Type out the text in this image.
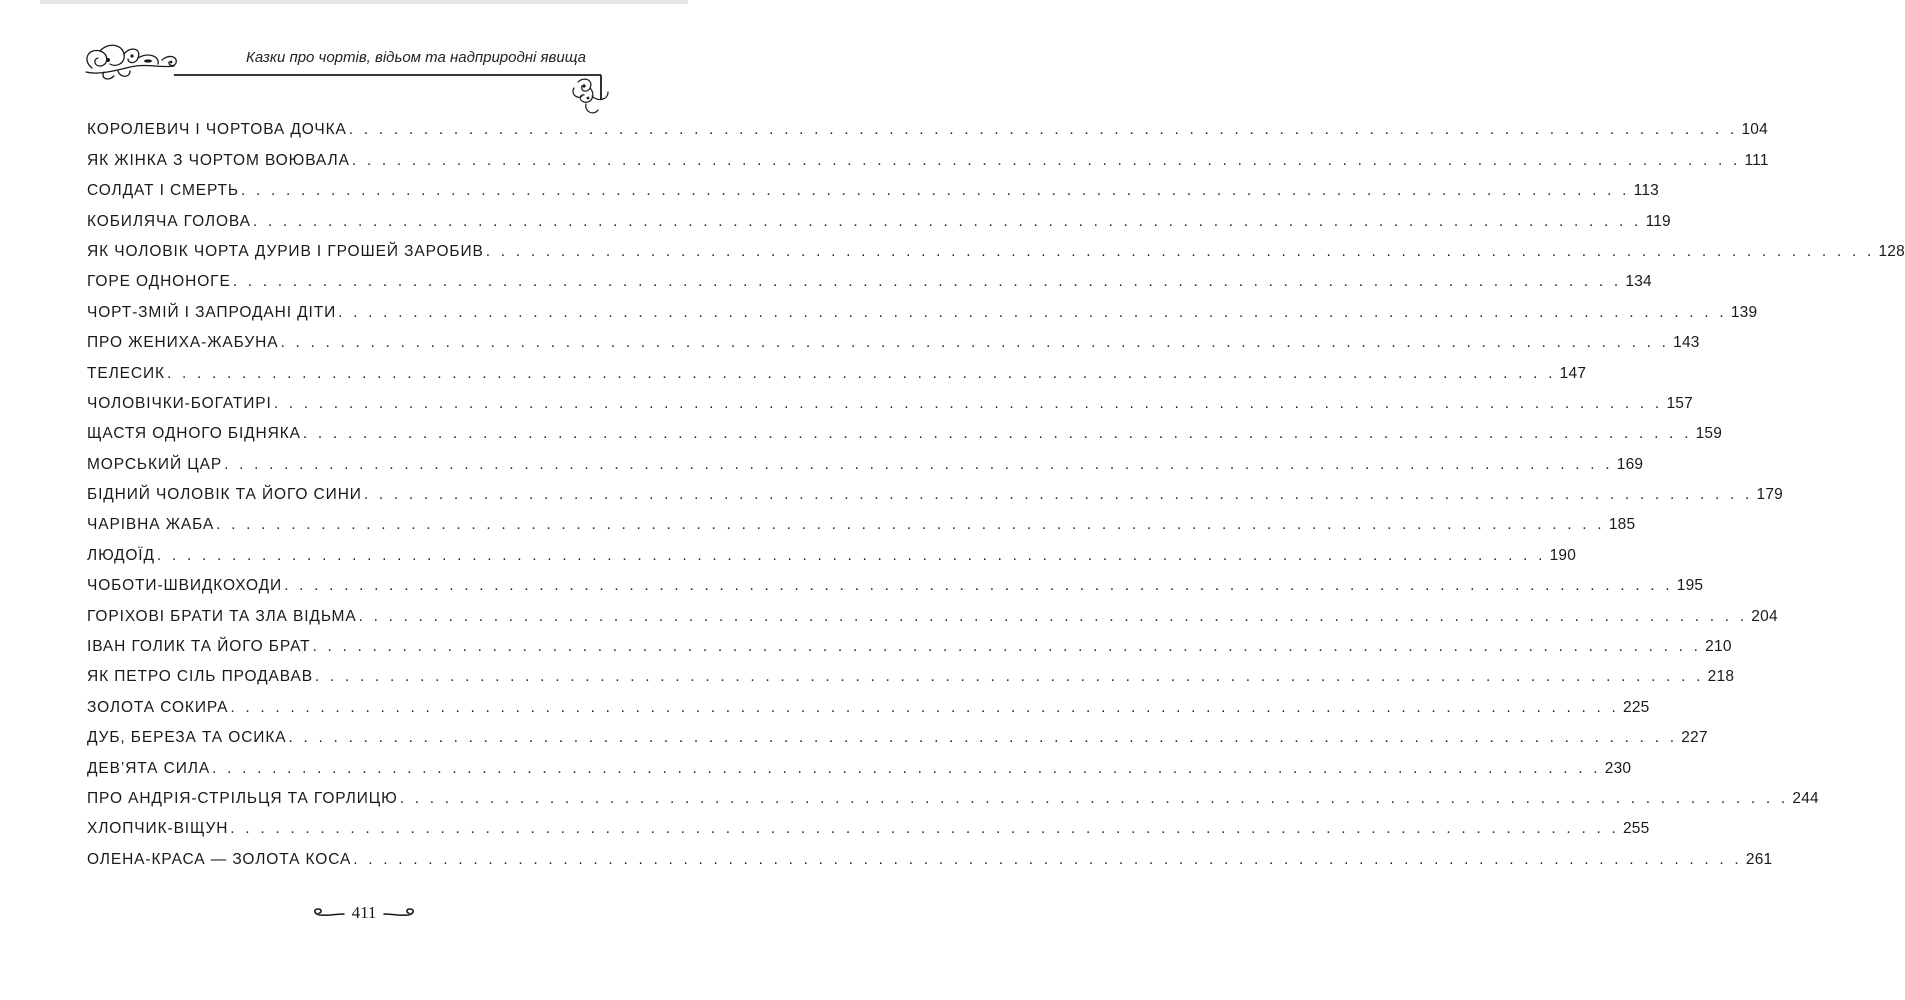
Казки про чортів, відьом та надприродні явища
КОРОЛЕВИЧ І ЧОРТОВА ДОЧКА . . . . . . . . . . . . . . . . . . . . . . . . . . . . . . . . . . . . . . . . . . . . . . . . . . . . . . . . . . . . . . . . . . . . . . . . . . . . . . . . . . . . . . . . . . . . . 104
ЯК ЖІНКА З ЧОРТОМ ВОЮВАЛА . . . . . . . . . . . . . . . . . . . . . . . . . . . . . . . . . . . . . . . . . . . . . . . . . . . . . . . . . . . . . . . . . . . . . . . . . . . . . . . . . . . . . . . . . . . . . 111
СОЛДАТ І СМЕРТЬ . . . . . . . . . . . . . . . . . . . . . . . . . . . . . . . . . . . . . . . . . . . . . . . . . . . . . . . . . . . . . . . . . . . . . . . . . . . . . . . . . . . . . . . . . . . . . 113
КОБИЛЯЧА ГОЛОВА . . . . . . . . . . . . . . . . . . . . . . . . . . . . . . . . . . . . . . . . . . . . . . . . . . . . . . . . . . . . . . . . . . . . . . . . . . . . . . . . . . . . . . . . . . . . . 119
ЯК ЧОЛОВІК ЧОРТА ДУРИВ І ГРОШЕЙ ЗАРОБИВ . . . . . . . . . . . . . . . . . . . . . . . . . . . . . . . . . . . . . . . . . . . . . . . . . . . . . . . . . . . . . . . . . . . . . . . . . . . . . . . . . . . . . . . . . . . . . 128
ГОРЕ ОДНОНОГЕ . . . . . . . . . . . . . . . . . . . . . . . . . . . . . . . . . . . . . . . . . . . . . . . . . . . . . . . . . . . . . . . . . . . . . . . . . . . . . . . . . . . . . . . . . . . . . 134
ЧОРТ-ЗМІЙ І ЗАПРОДАНІ ДІТИ . . . . . . . . . . . . . . . . . . . . . . . . . . . . . . . . . . . . . . . . . . . . . . . . . . . . . . . . . . . . . . . . . . . . . . . . . . . . . . . . . . . . . . . . . . . . . 139
ПРО ЖЕНИХА-ЖАБУНА . . . . . . . . . . . . . . . . . . . . . . . . . . . . . . . . . . . . . . . . . . . . . . . . . . . . . . . . . . . . . . . . . . . . . . . . . . . . . . . . . . . . . . . . . . . . . 143
ТЕЛЕСИК . . . . . . . . . . . . . . . . . . . . . . . . . . . . . . . . . . . . . . . . . . . . . . . . . . . . . . . . . . . . . . . . . . . . . . . . . . . . . . . . . . . . . . . . . . . . . 147
ЧОЛОВІЧКИ-БОГАТИРІ . . . . . . . . . . . . . . . . . . . . . . . . . . . . . . . . . . . . . . . . . . . . . . . . . . . . . . . . . . . . . . . . . . . . . . . . . . . . . . . . . . . . . . . . . . . . . 157
ЩАСТЯ ОДНОГО БІДНЯКА . . . . . . . . . . . . . . . . . . . . . . . . . . . . . . . . . . . . . . . . . . . . . . . . . . . . . . . . . . . . . . . . . . . . . . . . . . . . . . . . . . . . . . . . . . . . . 159
МОРСЬКИЙ ЦАР . . . . . . . . . . . . . . . . . . . . . . . . . . . . . . . . . . . . . . . . . . . . . . . . . . . . . . . . . . . . . . . . . . . . . . . . . . . . . . . . . . . . . . . . . . . . . 169
БІДНИЙ ЧОЛОВІК ТА ЙОГО СИНИ . . . . . . . . . . . . . . . . . . . . . . . . . . . . . . . . . . . . . . . . . . . . . . . . . . . . . . . . . . . . . . . . . . . . . . . . . . . . . . . . . . . . . . . . . . . . . 179
ЧАРІВНА ЖАБА . . . . . . . . . . . . . . . . . . . . . . . . . . . . . . . . . . . . . . . . . . . . . . . . . . . . . . . . . . . . . . . . . . . . . . . . . . . . . . . . . . . . . . . . . . . . . 185
ЛЮДОЇД . . . . . . . . . . . . . . . . . . . . . . . . . . . . . . . . . . . . . . . . . . . . . . . . . . . . . . . . . . . . . . . . . . . . . . . . . . . . . . . . . . . . . . . . . . . . . 190
ЧОБОТИ-ШВИДКОХОДИ . . . . . . . . . . . . . . . . . . . . . . . . . . . . . . . . . . . . . . . . . . . . . . . . . . . . . . . . . . . . . . . . . . . . . . . . . . . . . . . . . . . . . . . . . . . . . 195
ГОРІХОВІ БРАТИ ТА ЗЛА ВІДЬМА . . . . . . . . . . . . . . . . . . . . . . . . . . . . . . . . . . . . . . . . . . . . . . . . . . . . . . . . . . . . . . . . . . . . . . . . . . . . . . . . . . . . . . . . . . . . . 204
ІВАН ГОЛИК ТА ЙОГО БРАТ . . . . . . . . . . . . . . . . . . . . . . . . . . . . . . . . . . . . . . . . . . . . . . . . . . . . . . . . . . . . . . . . . . . . . . . . . . . . . . . . . . . . . . . . . . . . . 210
ЯК ПЕТРО СІЛЬ ПРОДАВАВ . . . . . . . . . . . . . . . . . . . . . . . . . . . . . . . . . . . . . . . . . . . . . . . . . . . . . . . . . . . . . . . . . . . . . . . . . . . . . . . . . . . . . . . . . . . . . 218
ЗОЛОТА СОКИРА . . . . . . . . . . . . . . . . . . . . . . . . . . . . . . . . . . . . . . . . . . . . . . . . . . . . . . . . . . . . . . . . . . . . . . . . . . . . . . . . . . . . . . . . . . . . . 225
ДУБ, БЕРЕЗА ТА ОСИКА . . . . . . . . . . . . . . . . . . . . . . . . . . . . . . . . . . . . . . . . . . . . . . . . . . . . . . . . . . . . . . . . . . . . . . . . . . . . . . . . . . . . . . . . . . . . . 227
ДЕВ’ЯТА СИЛА . . . . . . . . . . . . . . . . . . . . . . . . . . . . . . . . . . . . . . . . . . . . . . . . . . . . . . . . . . . . . . . . . . . . . . . . . . . . . . . . . . . . . . . . . . . . . 230
ПРО АНДРІЯ-СТРІЛЬЦЯ ТА ГОРЛИЦЮ . . . . . . . . . . . . . . . . . . . . . . . . . . . . . . . . . . . . . . . . . . . . . . . . . . . . . . . . . . . . . . . . . . . . . . . . . . . . . . . . . . . . . . . . . . . . . 244
ХЛОПЧИК-ВІЩУН . . . . . . . . . . . . . . . . . . . . . . . . . . . . . . . . . . . . . . . . . . . . . . . . . . . . . . . . . . . . . . . . . . . . . . . . . . . . . . . . . . . . . . . . . . . . . 255
ОЛЕНА-КРАСА — ЗОЛОТА КОСА . . . . . . . . . . . . . . . . . . . . . . . . . . . . . . . . . . . . . . . . . . . . . . . . . . . . . . . . . . . . . . . . . . . . . . . . . . . . . . . . . . . . . . . . . . . . . 261
411
